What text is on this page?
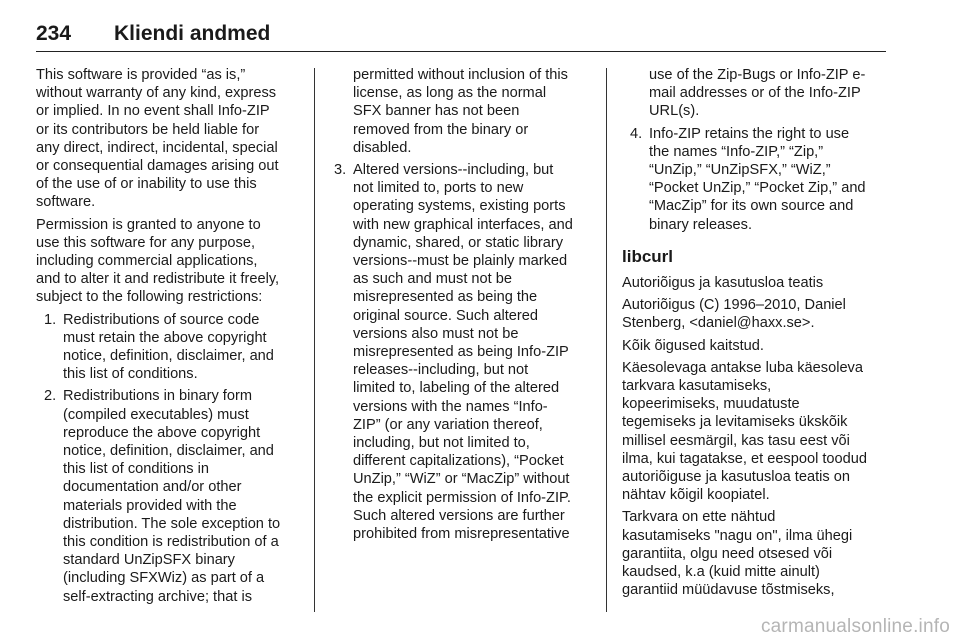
234 Kliendi andmed
This software is provided “as is,”
without warranty of any kind, express
or implied. In no event shall Info-ZIP
or its contributors be held liable for
any direct, indirect, incidental, special
or consequential damages arising out
of the use of or inability to use this
software.
Permission is granted to anyone to
use this software for any purpose,
including commercial applications,
and to alter it and redistribute it freely,
subject to the following restrictions:
1. Redistributions of source code
must retain the above copyright
notice, definition, disclaimer, and
this list of conditions.
2. Redistributions in binary form
(compiled executables) must
reproduce the above copyright
notice, definition, disclaimer, and
this list of conditions in
documentation and/or other
materials provided with the
distribution. The sole exception to
this condition is redistribution of a
standard UnZipSFX binary
(including SFXWiz) as part of a
self-extracting archive; that is
permitted without inclusion of this
license, as long as the normal
SFX banner has not been
removed from the binary or
disabled.
3. Altered versions--including, but
not limited to, ports to new
operating systems, existing ports
with new graphical interfaces, and
dynamic, shared, or static library
versions--must be plainly marked
as such and must not be
misrepresented as being the
original source. Such altered
versions also must not be
misrepresented as being Info-ZIP
releases--including, but not
limited to, labeling of the altered
versions with the names “Info-
ZIP” (or any variation thereof,
including, but not limited to,
different capitalizations), “Pocket
UnZip,” “WiZ” or “MacZip” without
the explicit permission of Info-ZIP.
Such altered versions are further
prohibited from misrepresentative
use of the Zip-Bugs or Info-ZIP e-
mail addresses or of the Info-ZIP
URL(s).
4. Info-ZIP retains the right to use
the names “Info-ZIP,” “Zip,”
“UnZip,” “UnZipSFX,” “WiZ,”
“Pocket UnZip,” “Pocket Zip,” and
“MacZip” for its own source and
binary releases.
libcurl
Autoriõigus ja kasutusloa teatis
Autoriõigus (C) 1996–2010, Daniel
Stenberg, <daniel@haxx.se>.
Kõik õigused kaitstud.
Käesolevaga antakse luba käesoleva
tarkvara kasutamiseks,
kopeerimiseks, muudatuste
tegemiseks ja levitamiseks ükskõik
millisel eesmärgil, kas tasu eest või
ilma, kui tagatakse, et eespool toodud
autoriõiguse ja kasutusloa teatis on
nähtav kõigil koopiatel.
Tarkvara on ette nähtud
kasutamiseks "nagu on", ilma ühegi
garantiita, olgu need otsesed või
kaudsed, k.a (kuid mitte ainult)
garantiid müüdavuse tõstmiseks,
carmanualsonline.info
